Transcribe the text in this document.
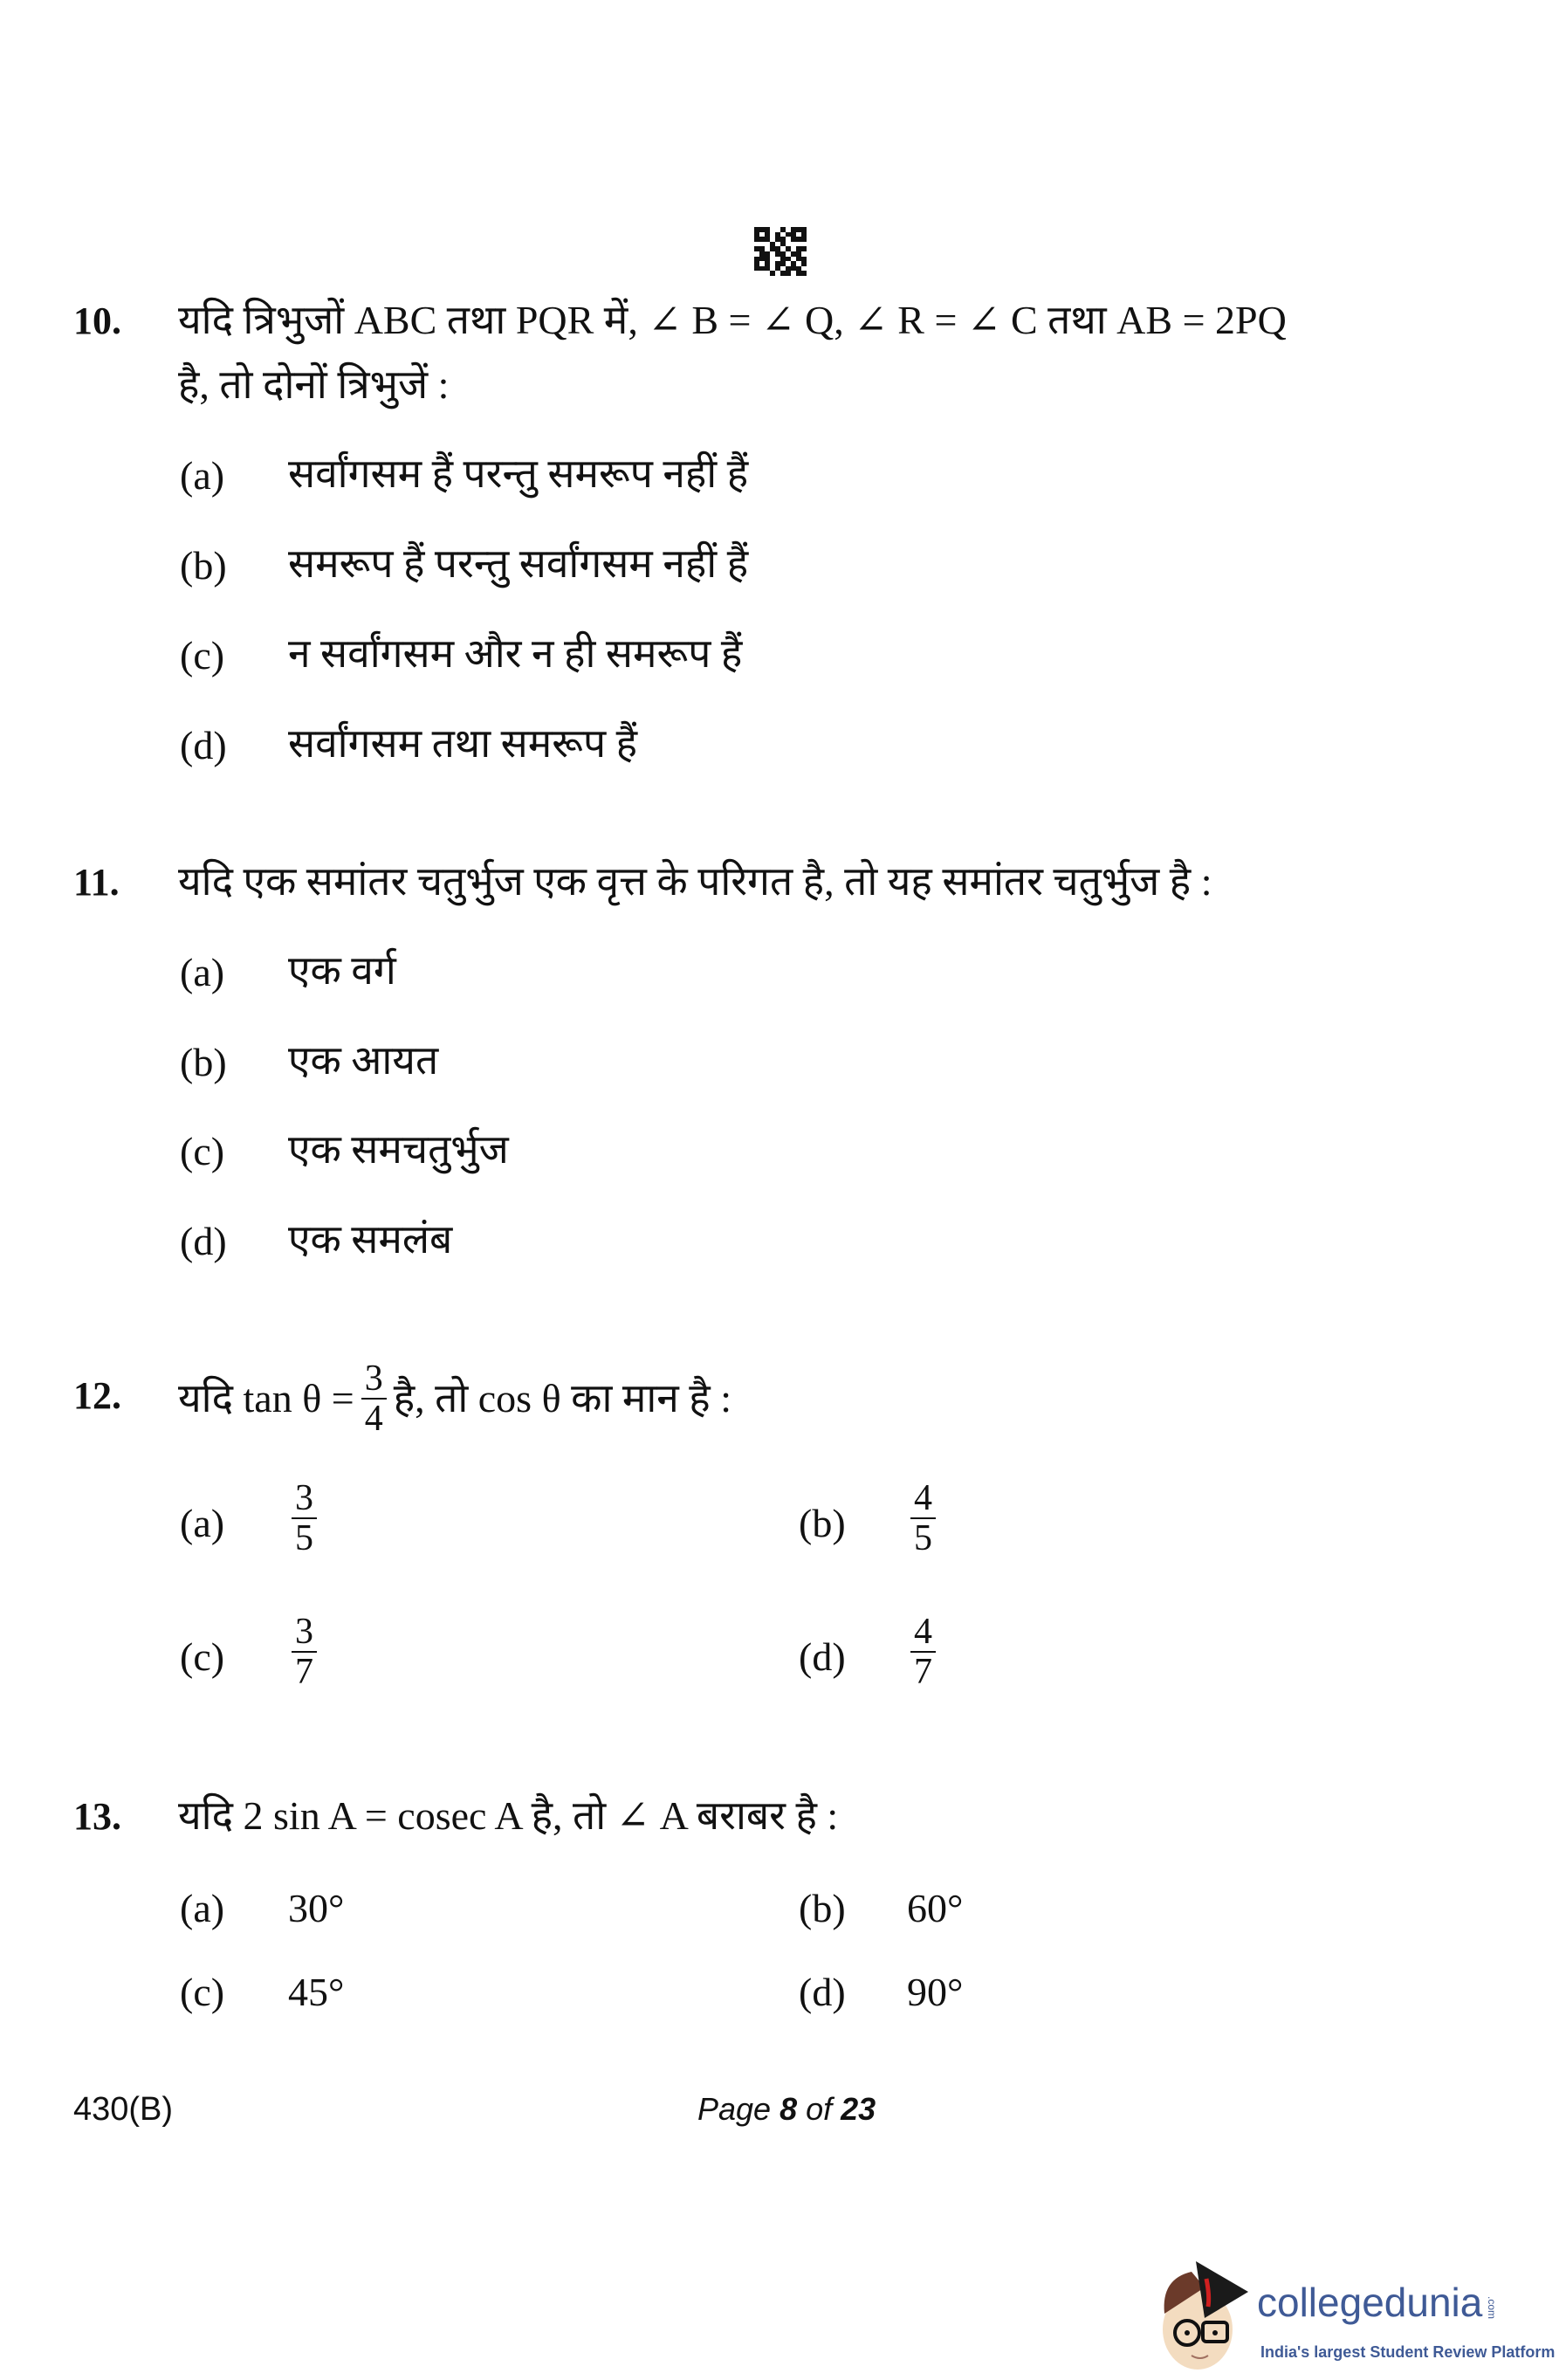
10. यदि त्रिभुजों ABC तथा PQR में, ∠ B = ∠ Q, ∠ R = ∠ C तथा AB = 2PQ
है, तो दोनों त्रिभुजें :
(a) सर्वांगसम हैं परन्तु समरूप नहीं हैं
(b) समरूप हैं परन्तु सर्वांगसम नहीं हैं
(c) न सर्वांगसम और न ही समरूप हैं
(d) सर्वांगसम तथा समरूप हैं
11. यदि एक समांतर चतुर्भुज एक वृत्त के परिगत है, तो यह समांतर चतुर्भुज है :
(a) एक वर्ग
(b) एक आयत
(c) एक समचतुर्भुज
(d) एक समलंब
12. यदि $\tan \theta = \frac{3}{4}$ है, तो cos θ का मान है :
$(a) \frac{3}{5}$	$(b) \frac{4}{5}$
$(c) \frac{3}{7}$	$(d) \frac{4}{7}$
13. यदि 2 sin A = cosec A है, तो ∠ A बराबर है :
(a) 30°	(b) 60°
(c) 45°	(d) 90°
430(B)	Page 8 of 23
collegedunia .com
India's largest Student Review Platform
